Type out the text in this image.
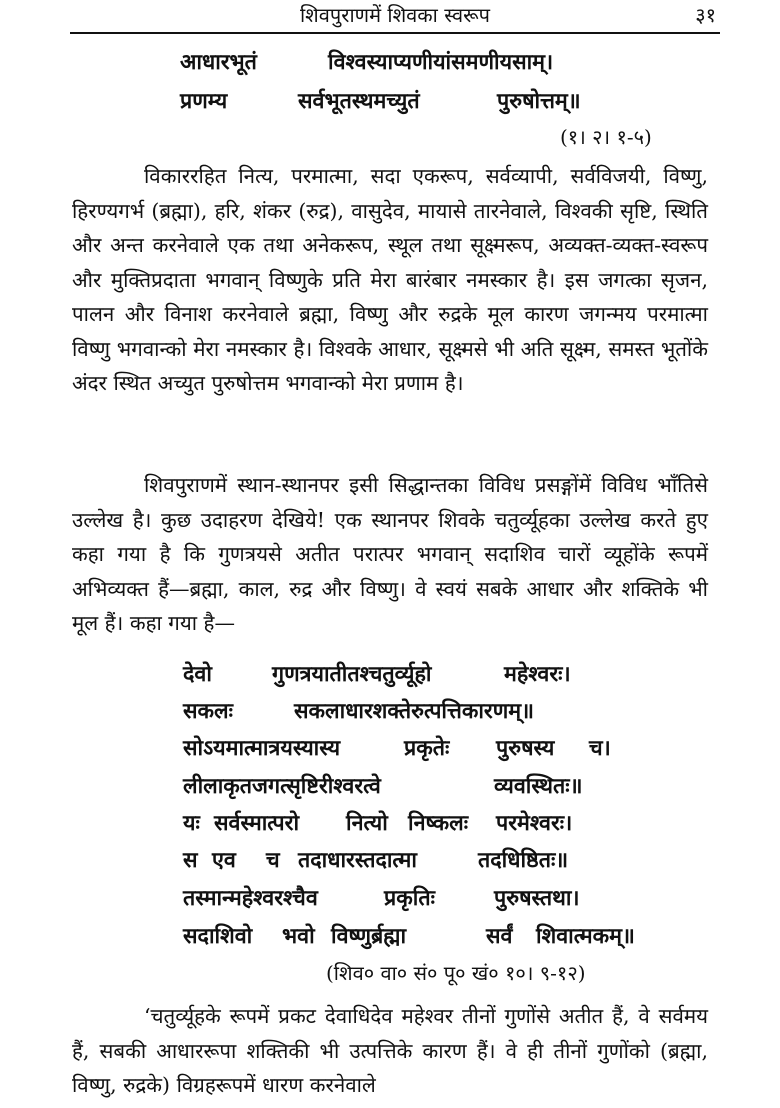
शिवपुराणमें शिवका स्वरूप	३१
आधारभूतं	विश्वस्याप्यणीयांसमणीयसाम्।
प्रणम्य	सर्वभूतस्थमच्युतं	पुरुषोत्तम्॥
(१। २। १-५)
विकाररहित नित्य, परमात्मा, सदा एकरूप, सर्वव्यापी, सर्वविजयी, विष्णु, हिरण्यगर्भ (ब्रह्मा), हरि, शंकर (रुद्र), वासुदेव, मायासे तारनेवाले, विश्वकी सृष्टि, स्थिति और अन्त करनेवाले एक तथा अनेकरूप, स्थूल तथा सूक्ष्मरूप, अव्यक्त-व्यक्त-स्वरूप और मुक्तिप्रदाता भगवान् विष्णुके प्रति मेरा बारंबार नमस्कार है। इस जगत्का सृजन, पालन और विनाश करनेवाले ब्रह्मा, विष्णु और रुद्रके मूल कारण जगन्मय परमात्मा विष्णु भगवान्को मेरा नमस्कार है। विश्वके आधार, सूक्ष्मसे भी अति सूक्ष्म, समस्त भूतोंके अंदर स्थित अच्युत पुरुषोत्तम भगवान्को मेरा प्रणाम है।
शिवपुराणमें स्थान-स्थानपर इसी सिद्धान्तका विविध प्रसङ्गोंमें विविध भाँतिसे उल्लेख है। कुछ उदाहरण देखिये! एक स्थानपर शिवके चतुर्व्यूहका उल्लेख करते हुए कहा गया है कि गुणत्रयसे अतीत परात्पर भगवान् सदाशिव चारों व्यूहोंके रूपमें अभिव्यक्त हैं—ब्रह्मा, काल, रुद्र और विष्णु। वे स्वयं सबके आधार और शक्तिके भी मूल हैं। कहा गया है—
देवो	गुणत्रयातीतश्चतुर्व्यूहो	महेश्वरः।
सकलः	सकलाधारशक्तेरुत्पत्तिकारणम्॥
सोऽयमात्मात्रयस्यास्य	प्रकृतेः पुरुषस्य च।
लीलाकृतजगत्सृष्टिरीश्वरत्वे	व्यवस्थितः॥
यः सर्वस्मात्परो नित्यो निष्कलः परमेश्वरः।
स एव च तदाधारस्तदात्मा	तदधिष्ठितः॥
तस्मान्महेश्वरश्चैव	प्रकृतिः	पुरुषस्तथा।
सदाशिवो भवो विष्णुर्ब्रह्मा	सर्वं शिवात्मकम्॥
(शिव० वा० सं० पू० खं० १०। ९-१२)
‘चतुर्व्यूहके रूपमें प्रकट देवाधिदेव महेश्वर तीनों गुणोंसे अतीत हैं, वे सर्वमय हैं, सबकी आधाररूपा शक्तिकी भी उत्पत्तिके कारण हैं। वे ही तीनों गुणोंको (ब्रह्मा, विष्णु, रुद्रके) विग्रहरूपमें धारण करनेवाले
